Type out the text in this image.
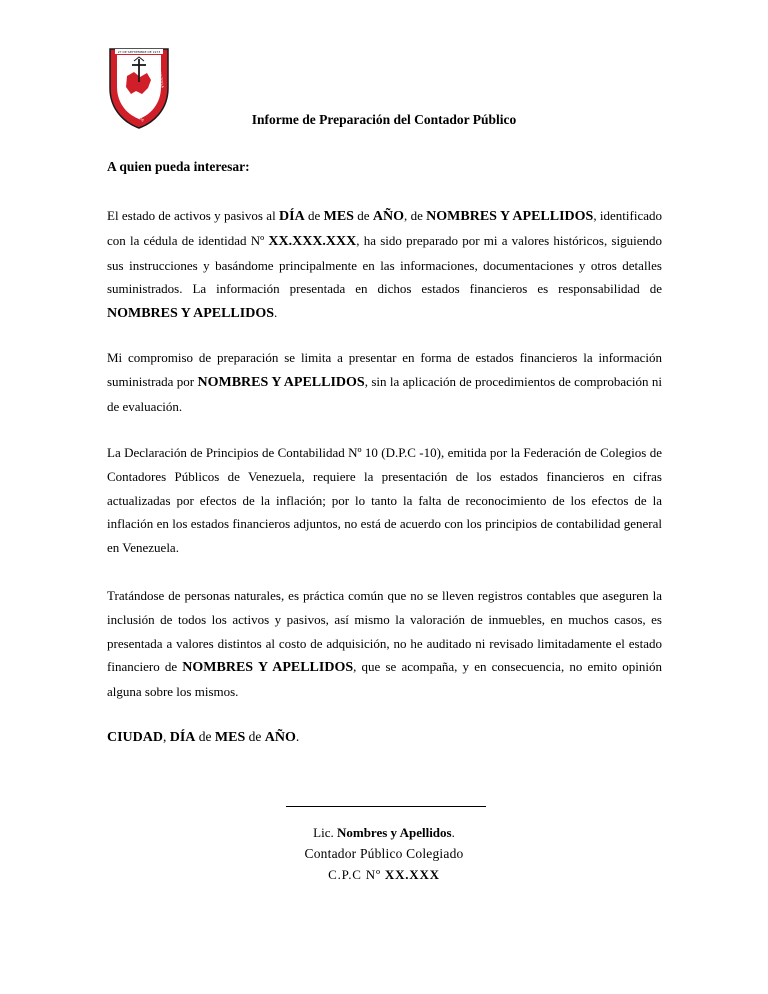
27 DE SEPTIEMBRE DE 1973
CONTADORES	VENEZUELA
PÚBLICOS	Informe de Preparación del Contador Público
A quien pueda interesar:
El estado de activos y pasivos al DÍA de MES de AÑO, de NOMBRES Y APELLIDOS, identificado con la cédula de identidad Nº XX.XXX.XXX, ha sido preparado por mi a valores históricos, siguiendo sus instrucciones y basándome principalmente en las informaciones, documentaciones y otros detalles suministrados. La información presentada en dichos estados financieros es responsabilidad de NOMBRES Y APELLIDOS.
Mi compromiso de preparación se limita a presentar en forma de estados financieros la información suministrada por NOMBRES Y APELLIDOS, sin la aplicación de procedimientos de comprobación ni de evaluación.
La Declaración de Principios de Contabilidad Nº 10 (D.P.C -10), emitida por la Federación de Colegios de Contadores Públicos de Venezuela, requiere la presentación de los estados financieros en cifras actualizadas por efectos de la inflación; por lo tanto la falta de reconocimiento de los efectos de la inflación en los estados financieros adjuntos, no está de acuerdo con los principios de contabilidad general en Venezuela.
Tratándose de personas naturales, es práctica común que no se lleven registros contables que aseguren la inclusión de todos los activos y pasivos, así mismo la valoración de inmuebles, en muchos casos, es presentada a valores distintos al costo de adquisición, no he auditado ni revisado limitadamente el estado financiero de NOMBRES Y APELLIDOS, que se acompaña, y en consecuencia, no emito opinión alguna sobre los mismos.
CIUDAD, DÍA de MES de AÑO.
Lic. Nombres y Apellidos.
Contador Público Colegiado
C.P.C Nº XX.XXX
